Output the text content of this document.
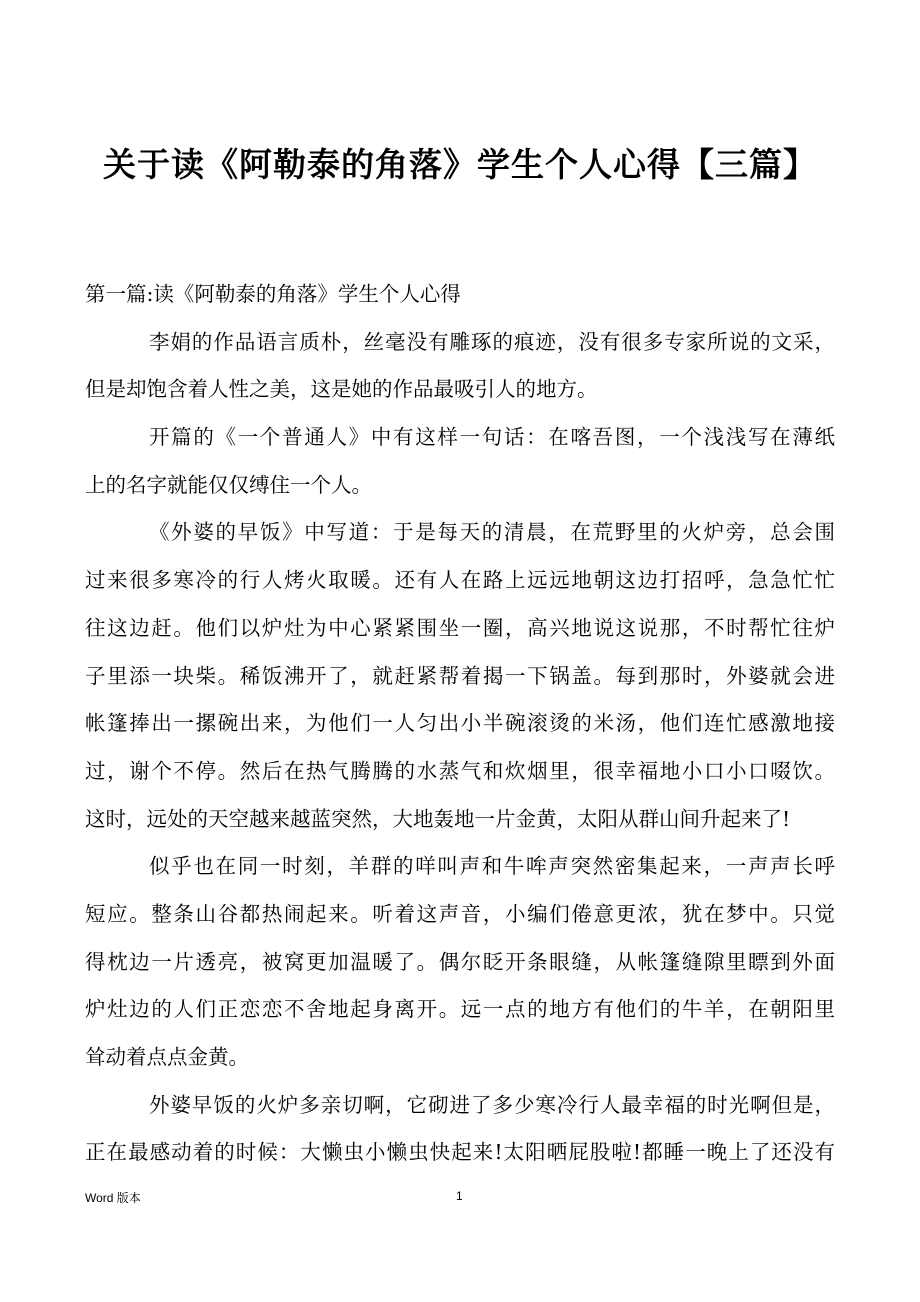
关于读《阿勒泰的角落》学生个人心得【三篇】
第一篇:读《阿勒泰的角落》学生个人心得
李娟的作品语言质朴，丝毫没有雕琢的痕迹，没有很多专家所说的文采，
但是却饱含着人性之美，这是她的作品最吸引人的地方。
开篇的《一个普通人》中有这样一句话：在喀吾图，一个浅浅写在薄纸
上的名字就能仅仅缚住一个人。
《外婆的早饭》中写道：于是每天的清晨，在荒野里的火炉旁，总会围
过来很多寒冷的行人烤火取暖。还有人在路上远远地朝这边打招呼，急急忙忙
往这边赶。他们以炉灶为中心紧紧围坐一圈，高兴地说这说那，不时帮忙往炉
子里添一块柴。稀饭沸开了，就赶紧帮着揭一下锅盖。每到那时，外婆就会进
帐篷捧出一摞碗出来，为他们一人匀出小半碗滚烫的米汤，他们连忙感激地接
过，谢个不停。然后在热气腾腾的水蒸气和炊烟里，很幸福地小口小口啜饮。
这时，远处的天空越来越蓝突然，大地轰地一片金黄，太阳从群山间升起来了!
似乎也在同一时刻，羊群的咩叫声和牛哞声突然密集起来，一声声长呼
短应。整条山谷都热闹起来。听着这声音，小编们倦意更浓，犹在梦中。只觉
得枕边一片透亮，被窝更加温暖了。偶尔眨开条眼缝，从帐篷缝隙里瞟到外面
炉灶边的人们正恋恋不舍地起身离开。远一点的地方有他们的牛羊，在朝阳里
耸动着点点金黄。
外婆早饭的火炉多亲切啊，它砌进了多少寒冷行人最幸福的时光啊但是，
正在最感动着的时候：大懒虫小懒虫快起来!太阳晒屁股啦!都睡一晚上了还没有
Word 版本	1
